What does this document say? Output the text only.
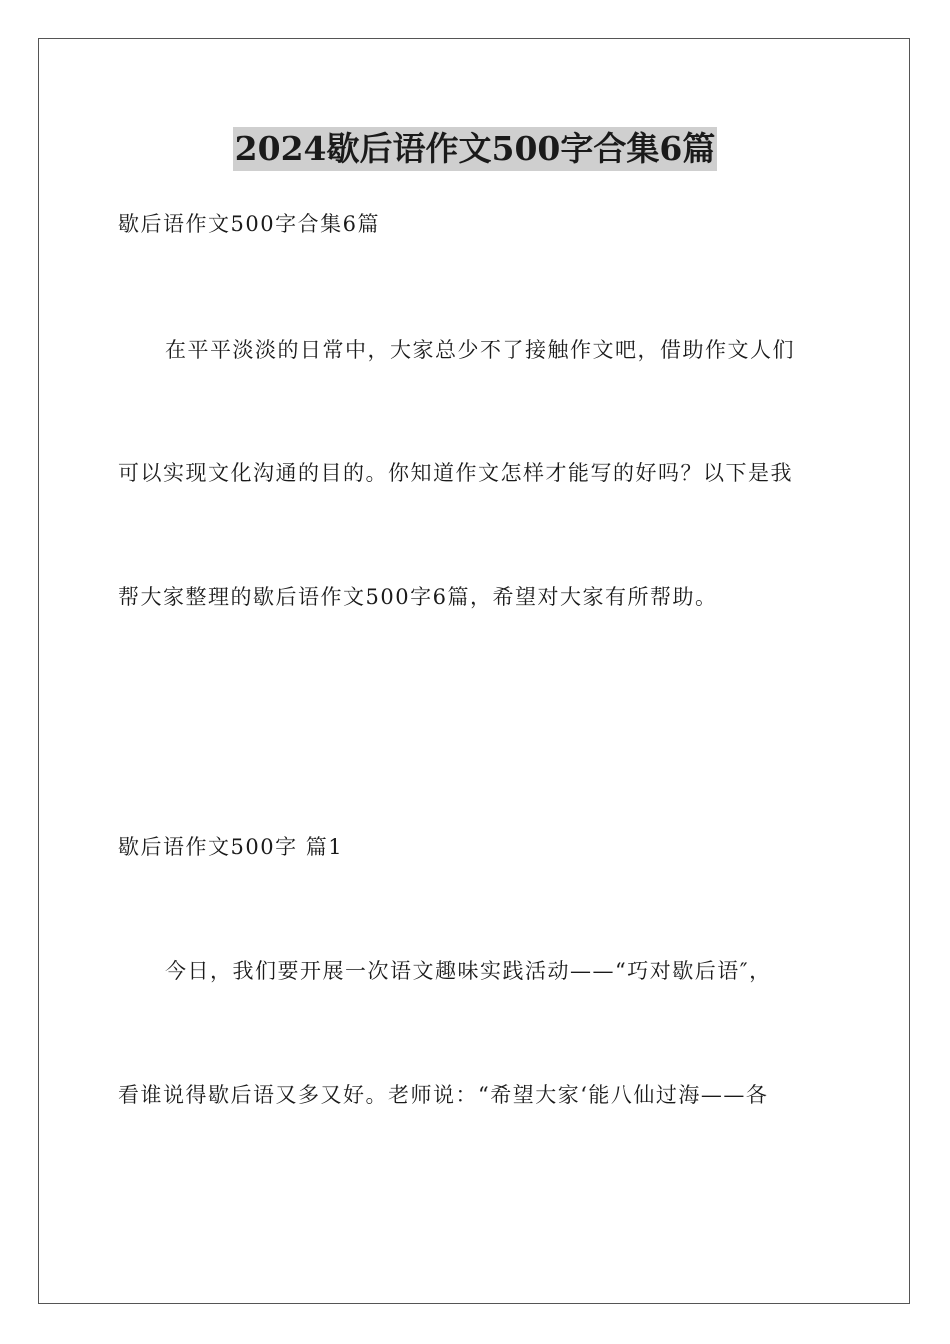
2024歇后语作文500字合集6篇
歇后语作文500字合集6篇
在平平淡淡的日常中，大家总少不了接触作文吧，借助作文人们
可以实现文化沟通的目的。你知道作文怎样才能写的好吗？以下是我
帮大家整理的歇后语作文500字6篇，希望对大家有所帮助。
歇后语作文500字 篇1
今日，我们要开展一次语文趣味实践活动——“巧对歇后语″，
看谁说得歇后语又多又好。老师说：“希望大家‘能八仙过海——各
